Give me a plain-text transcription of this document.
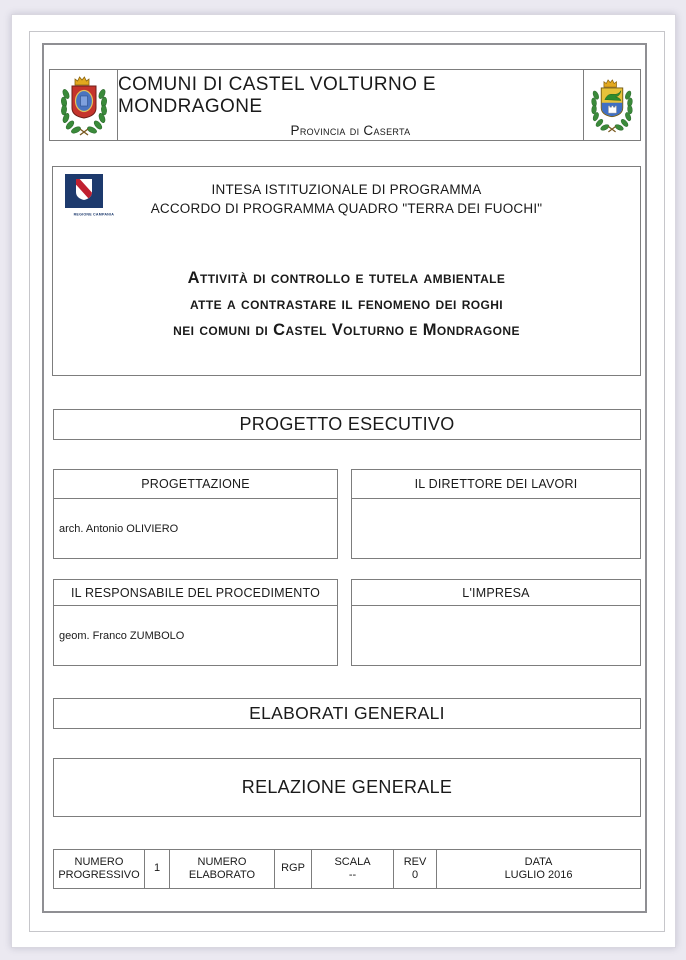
COMUNI DI CASTEL VOLTURNO E MONDRAGONE
Provincia di Caserta
REGIONE CAMPANIA
INTESA ISTITUZIONALE DI PROGRAMMA
ACCORDO DI PROGRAMMA QUADRO "TERRA DEI FUOCHI"
Attività di controllo e tutela ambientale
atte a contrastare il fenomeno dei roghi
nei comuni di Castel Volturno e Mondragone
PROGETTO ESECUTIVO
PROGETTAZIONE
arch. Antonio OLIVIERO
IL DIRETTORE DEI LAVORI
IL RESPONSABILE DEL PROCEDIMENTO
geom. Franco ZUMBOLO
L'IMPRESA
ELABORATI GENERALI
RELAZIONE GENERALE
NUMERO
PROGRESSIVO
1
NUMERO
ELABORATO
RGP
SCALA
--
REV
0
DATA
LUGLIO 2016
